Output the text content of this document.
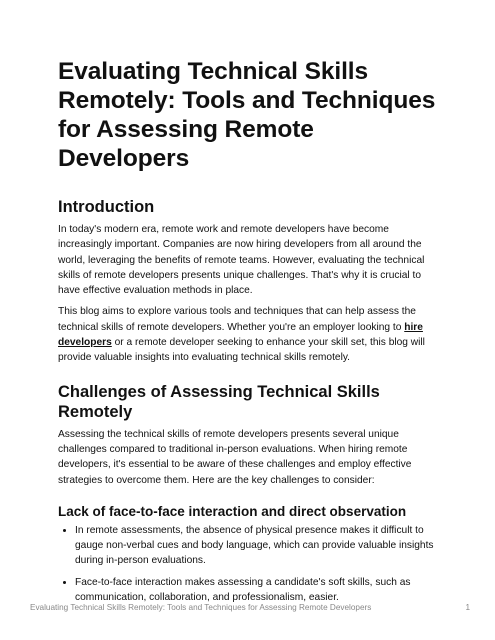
Evaluating Technical Skills Remotely: Tools and Techniques for Assessing Remote Developers
Introduction

In today's modern era, remote work and remote developers have become increasingly important. Companies are now hiring developers from all around the world, leveraging the benefits of remote teams. However, evaluating the technical skills of remote developers presents unique challenges. That's why it is crucial to have effective evaluation methods in place.

This blog aims to explore various tools and techniques that can help assess the technical skills of remote developers. Whether you're an employer looking to hire developers or a remote developer seeking to enhance your skill set, this blog will provide valuable insights into evaluating technical skills remotely.

Challenges of Assessing Technical Skills Remotely

Assessing the technical skills of remote developers presents several unique challenges compared to traditional in-person evaluations. When hiring remote developers, it's essential to be aware of these challenges and employ effective strategies to overcome them. Here are the key challenges to consider:

Lack of face-to-face interaction and direct observation
• In remote assessments, the absence of physical presence makes it difficult to gauge non-verbal cues and body language, which can provide valuable insights during in-person evaluations.
• Face-to-face interaction makes assessing a candidate's soft skills, such as communication, collaboration, and professionalism, easier.
Evaluating Technical Skills Remotely: Tools and Techniques for Assessing Remote Developers	1
